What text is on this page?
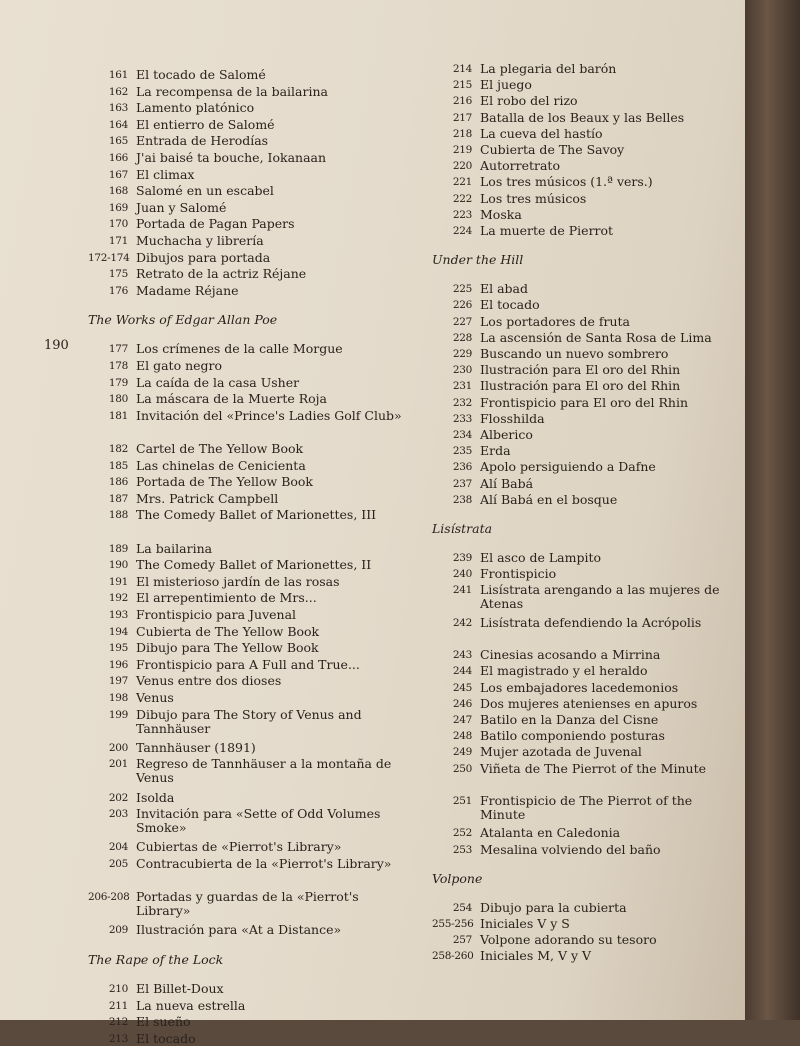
190
161 El tocado de Salomé
162 La recompensa de la bailarina
163 Lamento platónico
164 El entierro de Salomé
165 Entrada de Herodías
166 J'ai baisé ta bouche, Iokanaan
167 El climax
168 Salomé en un escabel
169 Juan y Salomé
170 Portada de Pagan Papers
171 Muchacha y librería
172-174 Dibujos para portada
175 Retrato de la actriz Réjane
176 Madame Réjane
The Works of Edgar Allan Poe
177 Los crímenes de la calle Morgue
178 El gato negro
179 La caída de la casa Usher
180 La máscara de la Muerte Roja
181 Invitación del «Prince's Ladies Golf Club»
182 Cartel de The Yellow Book
185 Las chinelas de Cenicienta
186 Portada de The Yellow Book
187 Mrs. Patrick Campbell
188 The Comedy Ballet of Marionettes, III
189 La bailarina
190 The Comedy Ballet of Marionettes, II
191 El misterioso jardín de las rosas
192 El arrepentimiento de Mrs...
193 Frontispicio para Juvenal
194 Cubierta de The Yellow Book
195 Dibujo para The Yellow Book
196 Frontispicio para A Full and True...
197 Venus entre dos dioses
198 Venus
199 Dibujo para The Story of Venus and Tannhäuser
200 Tannhäuser (1891)
201 Regreso de Tannhäuser a la montaña de Venus
202 Isolda
203 Invitación para «Sette of Odd Volumes Smoke»
204 Cubiertas de «Pierrot's Library»
205 Contracubierta de la «Pierrot's Library»
206-208 Portadas y guardas de la «Pierrot's Library»
209 Ilustración para «At a Distance»
The Rape of the Lock
210 El Billet-Doux
211 La nueva estrella
212 El sueño
213 El tocado
214 La plegaria del barón
215 El juego
216 El robo del rizo
217 Batalla de los Beaux y las Belles
218 La cueva del hastío
219 Cubierta de The Savoy
220 Autorretrato
221 Los tres músicos (1.ª vers.)
222 Los tres músicos
223 Moska
224 La muerte de Pierrot
Under the Hill
225 El abad
226 El tocado
227 Los portadores de fruta
228 La ascensión de Santa Rosa de Lima
229 Buscando un nuevo sombrero
230 Ilustración para El oro del Rhin
231 Ilustración para El oro del Rhin
232 Frontispicio para El oro del Rhin
233 Flosshilda
234 Alberico
235 Erda
236 Apolo persiguiendo a Dafne
237 Alí Babá
238 Alí Babá en el bosque
Lisístrata
239 El asco de Lampito
240 Frontispicio
241 Lisístrata arengando a las mujeres de Atenas
242 Lisístrata defendiendo la Acrópolis
243 Cinesias acosando a Mirrina
244 El magistrado y el heraldo
245 Los embajadores lacedemonios
246 Dos mujeres atenienses en apuros
247 Batilo en la Danza del Cisne
248 Batilo componiendo posturas
249 Mujer azotada de Juvenal
250 Viñeta de The Pierrot of the Minute
251 Frontispicio de The Pierrot of the Minute
252 Atalanta en Caledonia
253 Mesalina volviendo del baño
Volpone
254 Dibujo para la cubierta
255-256 Iniciales V y S
257 Volpone adorando su tesoro
258-260 Iniciales M, V y V
